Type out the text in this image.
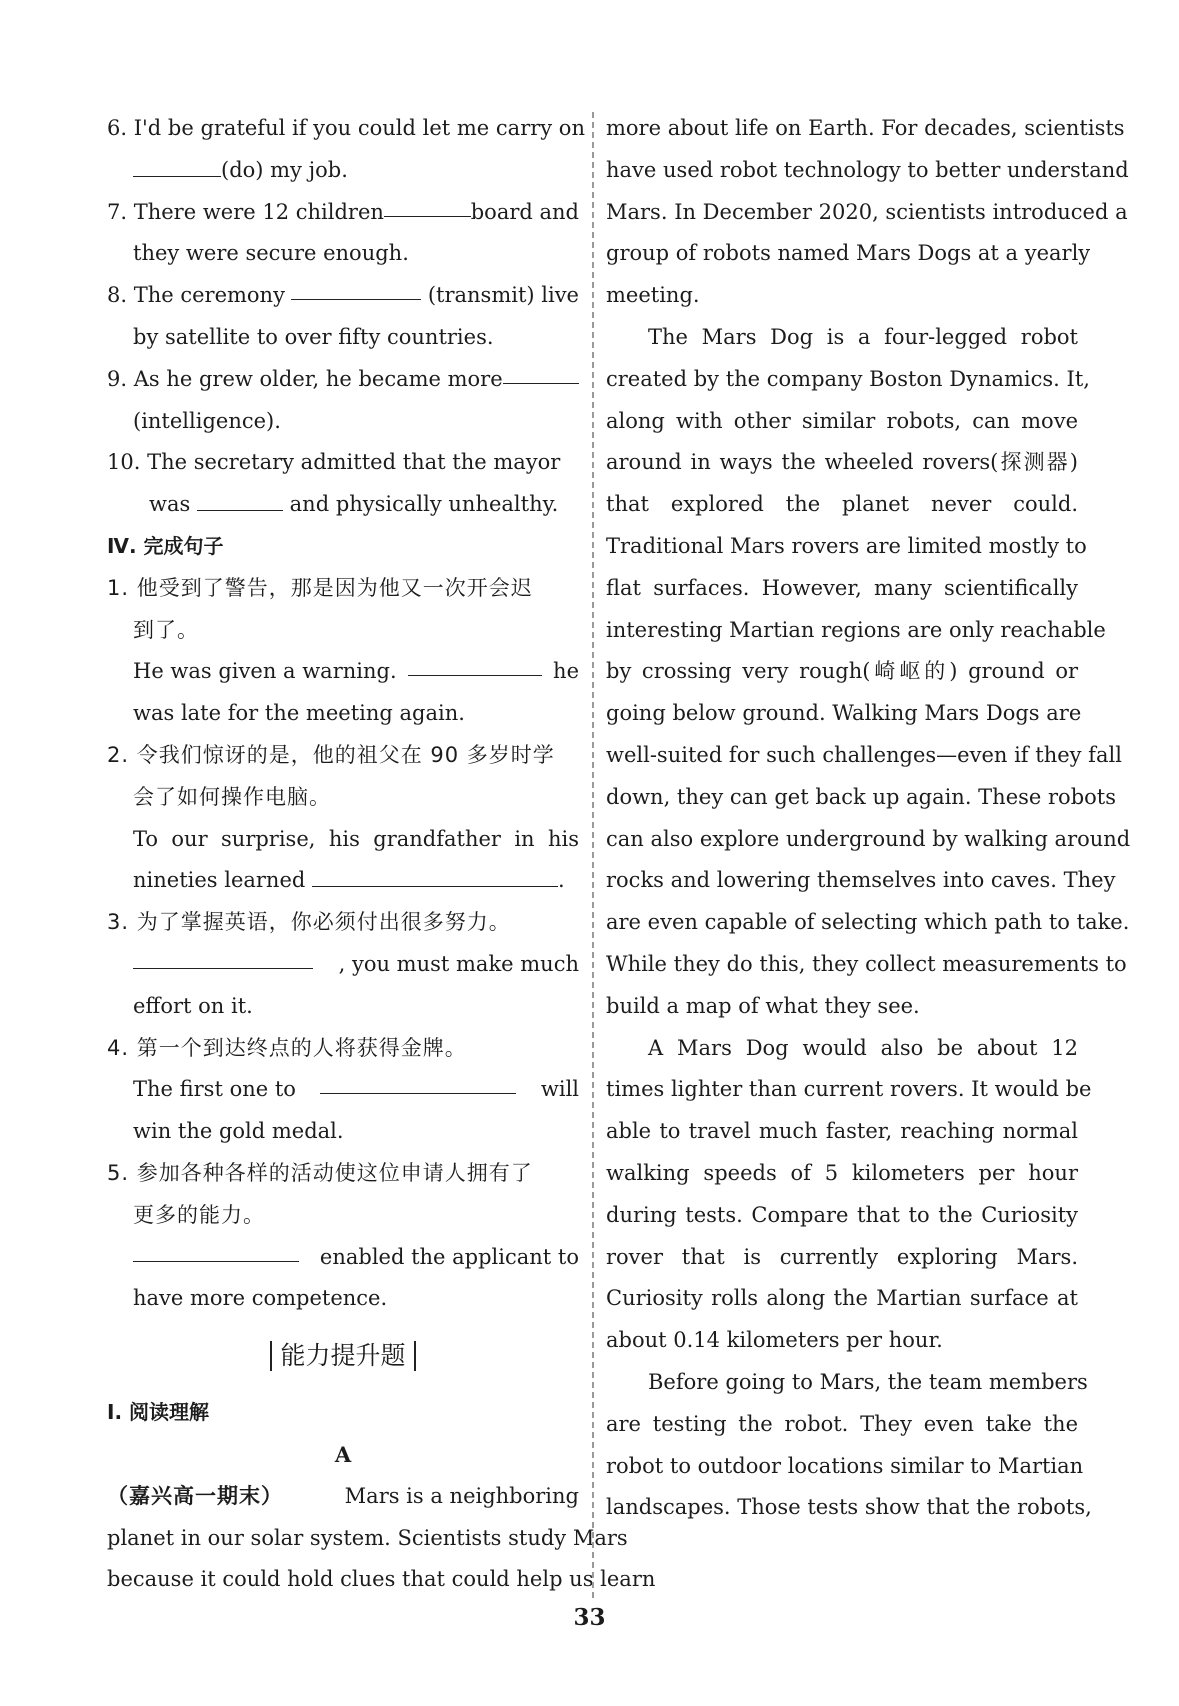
6. I'd be grateful if you could let me carry on
(do) my job.
7. There were 12 children	board and
they were secure enough.
8. The ceremony	(transmit) live
by satellite to over fifty countries.
9. As he grew older, he became more
(intelligence).
10. The secretary admitted that the mayor
was	and physically unhealthy.
Ⅳ. 完成句子
1. 他受到了警告，那是因为他又一次开会迟
到了。
He was given a warning.	he
was late for the meeting again.
2. 令我们惊讶的是，他的祖父在 90 多岁时学
会了如何操作电脑。
To our surprise, his grandfather in his
nineties learned	.
3. 为了掌握英语，你必须付出很多努力。
, you must make much
effort on it.
4. 第一个到达终点的人将获得金牌。
The first one to	will
win the gold medal.
5. 参加各种各样的活动使这位申请人拥有了
更多的能力。
enabled the applicant to
have more competence.
能力提升题
Ⅰ. 阅读理解
A
（嘉兴高一期末）	Mars is a neighboring
planet in our solar system. Scientists study Mars
because it could hold clues that could help us learn
more about life on Earth. For decades, scientists
have used robot technology to better understand
Mars. In December 2020, scientists introduced a
group of robots named Mars Dogs at a yearly
meeting.
The Mars Dog is a four-legged robot
created by the company Boston Dynamics. It,
along with other similar robots, can move
around in ways the wheeled rovers(探测器)
that explored the planet never could.
Traditional Mars rovers are limited mostly to
flat surfaces. However, many scientifically
interesting Martian regions are only reachable
by crossing very rough(崎岖的) ground or
going below ground. Walking Mars Dogs are
well-suited for such challenges—even if they fall
down, they can get back up again. These robots
can also explore underground by walking around
rocks and lowering themselves into caves. They
are even capable of selecting which path to take.
While they do this, they collect measurements to
build a map of what they see.
A Mars Dog would also be about 12
times lighter than current rovers. It would be
able to travel much faster, reaching normal
walking speeds of 5 kilometers per hour
during tests. Compare that to the Curiosity
rover that is currently exploring Mars.
Curiosity rolls along the Martian surface at
about 0.14 kilometers per hour.
Before going to Mars, the team members
are testing the robot. They even take the
robot to outdoor locations similar to Martian
landscapes. Those tests show that the robots,
33
